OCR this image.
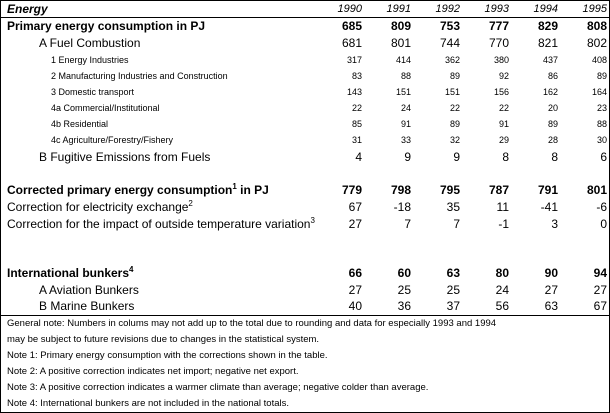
Energy	1990	1991	1992	1993	1994	1995
Primary energy consumption in PJ	685	809	753	777	829	808
A Fuel Combustion	681	801	744	770	821	802
1 Energy Industries	317	414	362	380	437	408
2 Manufacturing Industries and Construction	83	88	89	92	86	89
3 Domestic transport	143	151	151	156	162	164
4a Commercial/Institutional	22	24	22	22	20	23
4b Residential	85	91	89	91	89	88
4c Agriculture/Forestry/Fishery	31	33	32	29	28	30
B Fugitive Emissions from Fuels	4	9	9	8	8	6
Corrected primary energy consumption$^1$ in PJ	779	798	795	787	791	801
Correction for electricity exchange$^2$	67	-18	35	11	-41	-6
Correction for the impact of outside temperature variation$^3$	27	7	7	-1	3	0
International bunkers$^4$	66	60	63	80	90	94
A Aviation Bunkers	27	25	25	24	27	27
B Marine Bunkers	40	36	37	56	63	67
General note: Numbers in colums may not add up to the total due to rounding and data for especially 1993 and 1994
may be subject to future revisions due to changes in the statistical system.
Note 1: Primary energy consumption with the corrections shown in the table.
Note 2: A positive correction indicates net import; negative net export.
Note 3: A positive correction indicates a warmer climate than average; negative colder than average.
Note 4: International bunkers are not included in the national totals.
